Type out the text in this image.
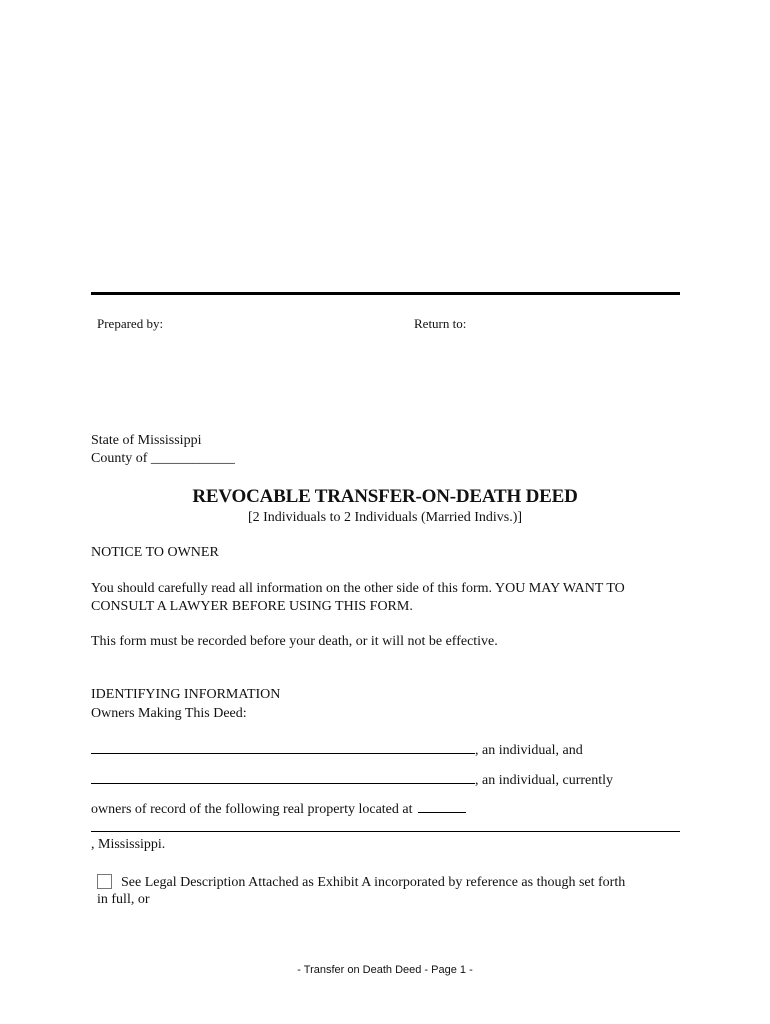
Prepared by:	Return to:
State of Mississippi
County of ____________
REVOCABLE TRANSFER-ON-DEATH DEED
[2 Individuals to 2 Individuals (Married Indivs.)]
NOTICE TO OWNER
You should carefully read all information on the other side of this form. YOU MAY WANT TO
CONSULT A LAWYER BEFORE USING THIS FORM.
This form must be recorded before your death, or it will not be effective.
IDENTIFYING INFORMATION
Owners Making This Deed:
, an individual, and
, an individual, currently
owners of record of the following real property located at
, Mississippi.
See Legal Description Attached as Exhibit A incorporated by reference as though set forth
in full, or
- Transfer on Death Deed - Page 1 -
